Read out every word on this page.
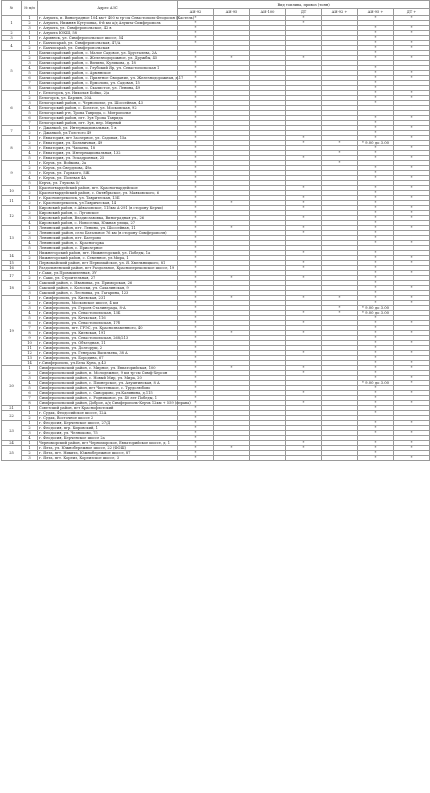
№	№ п/п	Адрес АЗС	Вид топлива, привоз (тонн)						
			АИ-92	АИ-95	АИ-100	ДТ	АИ-92 +	АИ-95 +	ДТ +
1	1	г. Алушта, п. Виноградное 104 км+ 400 м тр-сы Севастополь-Феодосия (Кастель)	*			*		*	*
	2	г. Алушта, Нижняя Кутузовка, 6-й км а/д Алушта-Симферополь	*			*			
	3	г. Алушта, ул. Симферопольское, 42 в	*					*	*
2	1	г. Алушта ЮКШ, 58	*					*	*
3	1	г. Армянск, ул. Симферопольское шоссе, 54	*					*	
4	1	г. Бахчисарай, ул. Симферопольская, 47/А	*					*	*
	2	г. Бахчисарай, ул. Симферопольская						*	*
5	1	Бахчисарайский район, с. Малое Садовое, ул. Хрусталева, 2А	*					*	
	2	Бахчисарайский район, с. Железнодорожное, ул. Дружбы, 45	*	*		*		*	*
	3	Бахчисарайский район, с. Вилино, Куликова, д. 18	*						
	4	Бахчисарайский район, с. Глубокий Яр, ул. Севастопольская 1	*					*	
	5	Бахчисарайский район, с. Армянское	*					*	*
	6	Бахчисарайский район, с. Приятное Свидание, ул. Железнодорожная, д.17	*					*	*
	7	Бахчисарайский район, с. Ермолово, ул. Садовая, 15	*					*	
	8	Бахчисарайский район, с. Скалистое, ул. Ленина, 49	*					*	
6	1	г. Белогорск, ул. Николая Бойко, 2/а	*					*	*
	2	Белогорск, ул. Барлин, 20А	*					*	*
	3	Белогорский район, с. Чернопольe, ул. Шоссейная, 43	*					*	
	4	Белогорский район, с. Богатое, ул. Московская, 92	*						
	5	Белогорский р-н, Тропа Таврида, с. Митрополье	*						
	6	Белогорский район, пгт. Зуя Тропа Таврида	*					*	*
	7	Белогорский район, пгт. Зуя, пер. Мирный	*					*	
7	1	г. Джанкой, ул. Интернациональная, 1 в	*					*	*
	2	г. Джанкой, ул.Толстого 49	*					*	
8	1	г. Евпатория, пгт Заозерное, ул. Садовая, 15а	*			*		*	*
	2	г. Евпатория, ул. Больничная, 49	*			*	*	* 9.00 до 3.00	
	3	г. Евпатория, ул. Чапаева, 18	*					*	*
	4	г. Евпатория, ул. Интернациональная, 132	*				*	*	
	5	г. Евпатория, ул. Эскадронная, 25	*			*		*	*
9	1	г. Керчь, ул. Войкова, 2а	*				*		
	2	г. Керчь, ул.Свердлова, 49а	*					*	*
	3	г. Керчь, ул. Горького, 5Ж	*					*	
	4	г. Керчь, ул. Полевая 4А	*					*	*
	5	Керчь, ул. Глухова 5/	*						
10	1	Красногвардейский район, пгт. Красногвардейское	*			*		*	*
	2	Красногвардейский район, с. Октябрьское, ул. Маяковского, 6	*					*	
11	1	г. Красноперекопск, ул. Тавритеская, 13Б	*			*		*	*
	2	г. Красноперекопск, ул.Таврическая, 14	*	*		*		*	
12	1	Кировский район, г.Айвазовское, 115км А-291 (в сторону Керчи)	*			*		*	*
	2	Кировский район, с. Луговское	*					*	*
	3	Кировский район, Владиславовка, Виноградная ул., 26	*			*		*	*
	4	Кировский район, с. Новоселка, Южная улица, 27	*					*	
13	1	Ленинский район, пгт. Ленино, ул. Шоссейная, 11	*	*		*		*	*
	2	Ленинский район, село Батальное 76 км (в сторону Симферополя)	*			*		*	
	3	Ленинский район, пгт. Багерово	*					*	
	4	Ленинский район, с. Красногорка	*					*	*
	5	Ленинский район, с. Приозерное	*						
14	1	Нижнегорский район, пгт. Нижнегорский, ул. Победы, 1а	*			*		*	
	2	Нижнегорский район, с. Семенное, ул.Мира, 1	*					*	*
15	1	Первомайский район, пгт Первомайское, ул. Я. Хмельницкого, 81	*			*		*	*
16	1	Раздольненский район, пгт Раздольное, Красноперекопское шоссе, 19	*			*		*	
17	1	г.Саки, ул.Промышленная, 3У	*					*	*
	2	г. Саки, ул. Строительная, 27	*	*		*		*	
18	1	Сакский район, с. Ивановка, ул. Приморская, 26	*					*	
	2	Сакский район, с. Колоски, ул. Сахалинская, 9	*					*	*
	3	Сакский район, с. Лесновка, ул. Гагарина, 123	*					*	
19	1	г. Симферополь, ул. Киевская, 231	*	*		*	*	*	*
	2	г. Симферополь, Московское шоссе, 4 км	*					*	*
	3	г. Симферополь, ул. Героев Сталинграда, 8-А	*				*	* 9.00 до 3.00	
	4	г. Симферополь, ул. Севастопольская, 13Б	*			*	*	* 9.00 до 3.00	
	5	г. Симферополь, ул. Кечкская, 116	*					*	
	6	г. Симферополь, ул. Севастопольская, 17б	*			*		*	*
	7	г. Симферополь, пгт. ГРЭС, ул. Краснознаменного, 40	*					*	
	8	г. Симферополь, ул. Киевская, 191	*	*		*		*	*
	9	г. Симферополь, ул. Севастопольская, 268/213	*					*	
	10	г. Симферополь, ул. Объездная, 11	*					*	*
	11	г. Симферополь, ул. Долгоруш, 2	*					*	
	12	г. Симферополь, ул. Генерала Васильева, 38 А	*			*		*	*
	13	г. Симферополь, ул. Бородина, 67	*					*	
	14	г.Симферополь, ул.Бела Куна, д.43	*					*	*
20	1	Симферопольский район, с. Мирное, ул. Евпаторийская, 100	*	*		*		*	*
	2	Симферопольский район, п. Молодежное, 9 км тр-сы Симф-Херсон	*			*		*	
	3	Симферопольский район, с. Новый Мир, ул. Мира, 20	*					*	*
	4	Симферопольский район, с. Пионерское, ул. Алуштинская, 8 А	*					* 9.00 до 3.00	*
	5	Симферопольский район, пгт Чистенькое, с. Трудолюбово	*					*	
	6	Симферопольский район, с. Скворцово, ул.Калинина, д.115	*			*		*	*
	7	Симферопольский район, с. Родниковое, ул. 40 лет Победы, 1	*					*	
	8	Симферопольский район, Доброе, а/д Симферополь-Керчь 12км + 559 (справа)	*			*		*	*
21	1	Советский район, пгт Краснофлотский	*					*	
22	1	г. Судак, Феодосийское шоссе, 12А	*					*	
	2	г. Судак, Восточное шоссе 2	*						
23	1	г. Феодосия, Керченское шоссе, 27/Д	*					*	*
	2	г. Феодосия, пгр. Кировский, 1	*					*	
	3	г. Феодосия, ул. Челноково, 75	*					*	*
	4	г. Феодосия, Керченское шоссе 2а	*						
24	1	Черноморский район, пгт Черноморское, Евпаторийское шоссе, д. 1	*			*		*	*
25	1	г. Ялта, ул. Южнобережное шоссе, 22 (ФОШ)	*	*		*		*	*
	2	г. Ялта, пгт. Никита, Южнобережное шоссе, 87	*					*	
	3	г. Ялта, пгт. Кореиз, Кореизское шоссе, 3	*					*	*
